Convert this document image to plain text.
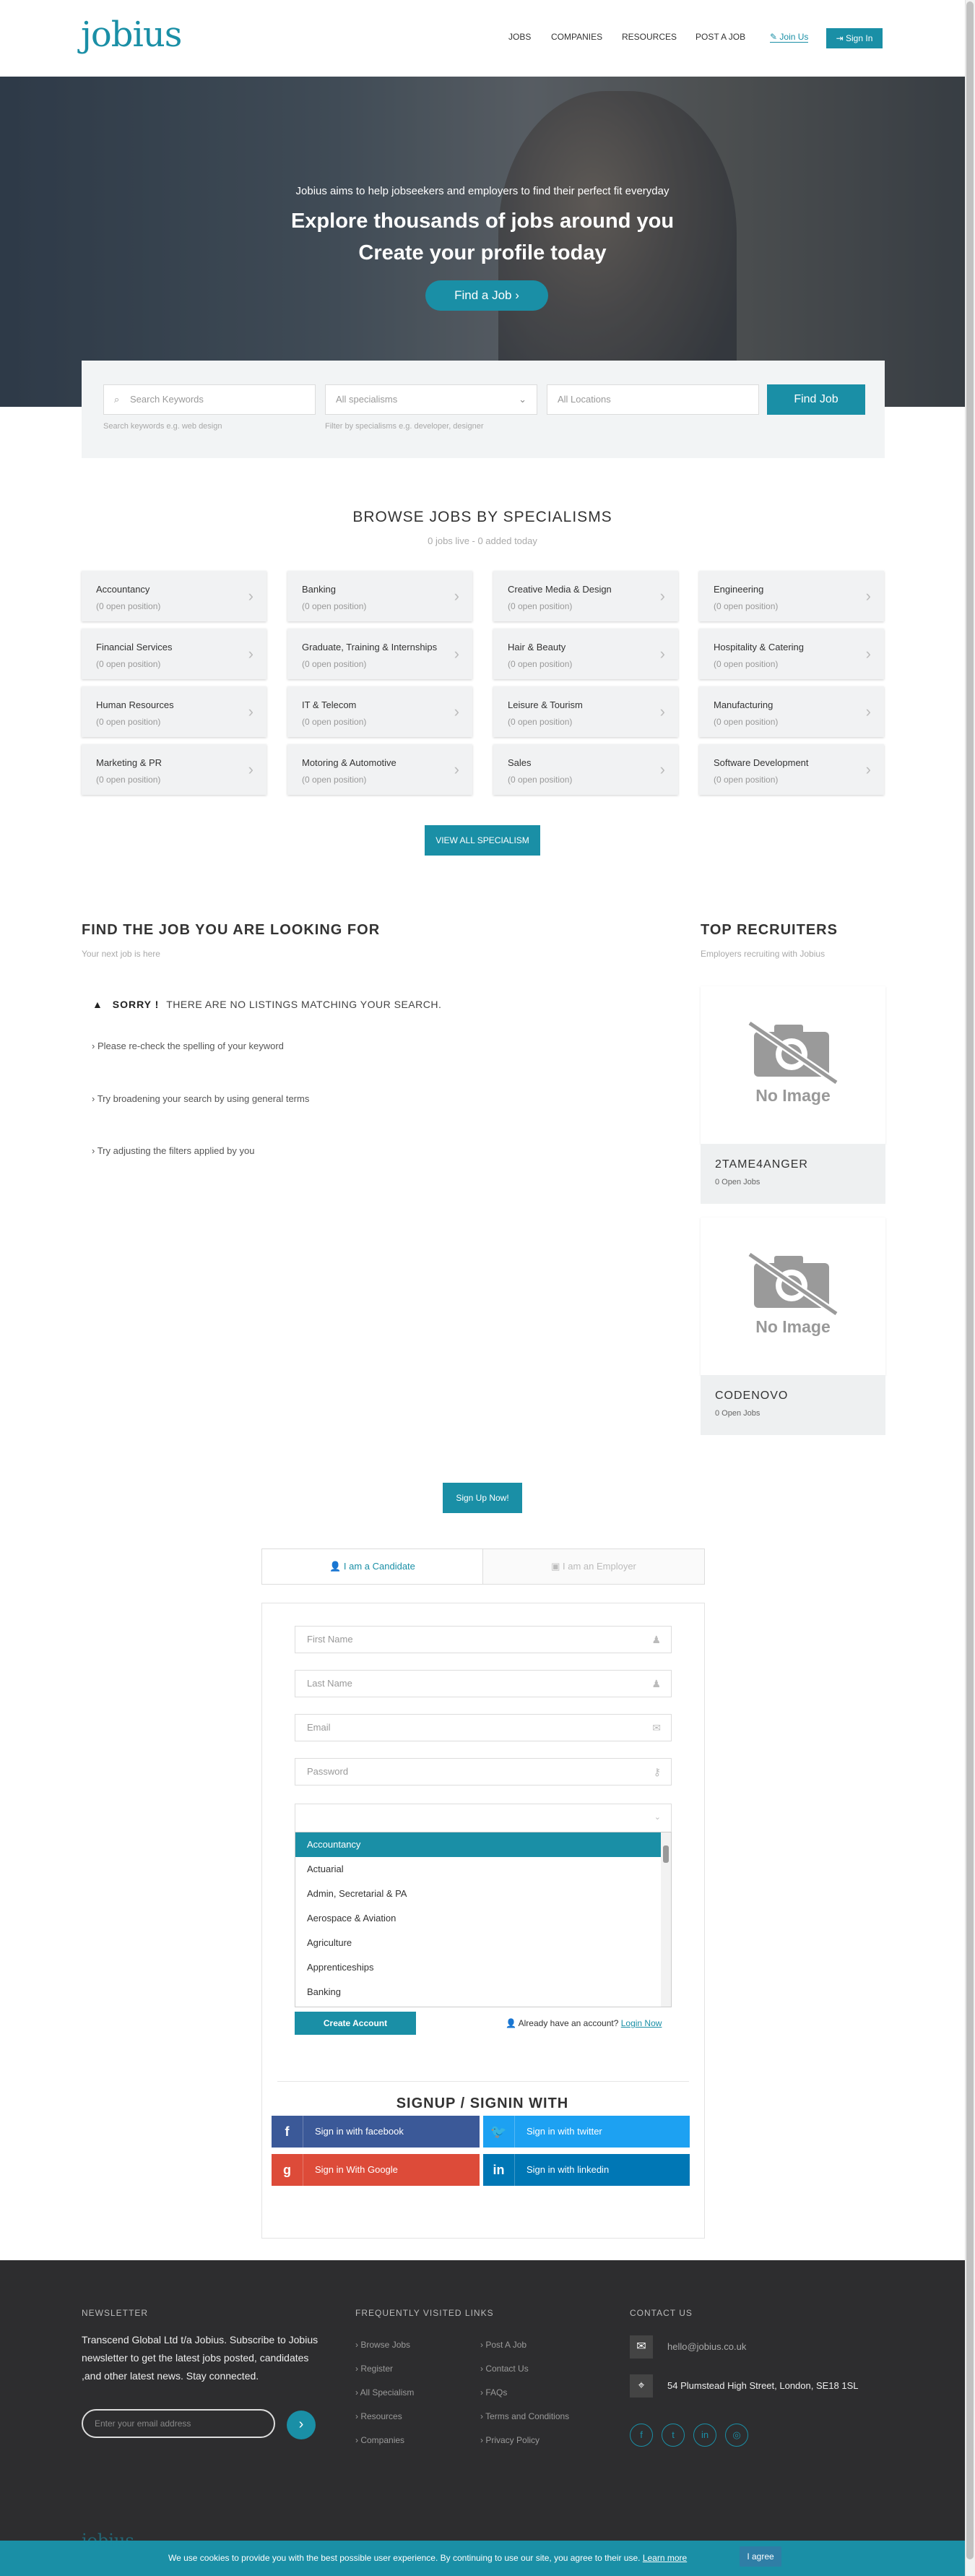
jobius	JOBS COMPANIES RESOURCES POST A JOB	✎ Join Us	⇥ Sign In
Jobius aims to help jobseekers and employers to find their perfect fit everyday
Explore thousands of jobs around you
Create your profile today
Find a Job ›
⌕ Search Keywords	All specialisms	⌄	All Locations	Find Job
Search keywords e.g. web design	Filter by specialisms e.g. developer, designer
BROWSE JOBS BY SPECIALISMS
0 jobs live - 0 added today
Accountancy
(0 open position)
›	Banking
(0 open position)
›	Creative Media & Design
(0 open position)
›	Engineering
(0 open position)
›
Financial Services
(0 open position)
›	Graduate, Training & Internships
(0 open position)
›	Hair & Beauty
(0 open position)
›	Hospitality & Catering
(0 open position)
›
Human Resources
(0 open position)
›	IT & Telecom
(0 open position)
›	Leisure & Tourism
(0 open position)
›	Manufacturing
(0 open position)
›
Marketing & PR
(0 open position)
›	Motoring & Automotive
(0 open position)
›	Sales
(0 open position)
›	Software Development
(0 open position)
›
VIEW ALL SPECIALISM
FIND THE JOB YOU ARE LOOKING FOR
Your next job is here
▲ SORRY ! THERE ARE NO LISTINGS MATCHING YOUR SEARCH.
› Please re-check the spelling of your keyword
› Try broadening your search by using general terms
› Try adjusting the filters applied by you
TOP RECRUITERS
Employers recruiting with Jobius
No Image
2TAME4ANGER
0 Open Jobs
No Image
CODENOVO
0 Open Jobs
Sign Up Now!
👤 I am a Candidate	▣ I am an Employer
First Name	♟
Last Name	♟
Email	✉
Password	⚷
⌄
Accountancy
Actuarial
Admin, Secretarial & PA
Aerospace & Aviation
Agriculture
Apprenticeships
Banking
Create Account	👤 Already have an account? Login Now
SIGNUP / SIGNIN WITH
f	Sign in with facebook	🐦	Sign in with twitter
g	Sign in With Google	in	Sign in with linkedin
NEWSLETTER
Transcend Global Ltd t/a Jobius. Subscribe to Jobius newsletter to get the latest jobs posted, candidates ,and other latest news. Stay connected.
Enter your email address	›
FREQUENTLY VISITED LINKS
› Browse Jobs
› Register
› All Specialism
› Resources
› Companies
› Post A Job
› Contact Us
› FAQs
› Terms and Conditions
› Privacy Policy
CONTACT US
✉	hello@jobius.co.uk
⌖	54 Plumstead High Street, London, SE18 1SL
f	t	in	◎
jobius
We use cookies to provide you with the best possible user experience. By continuing to use our site, you agree to their use. Learn more	I agree
